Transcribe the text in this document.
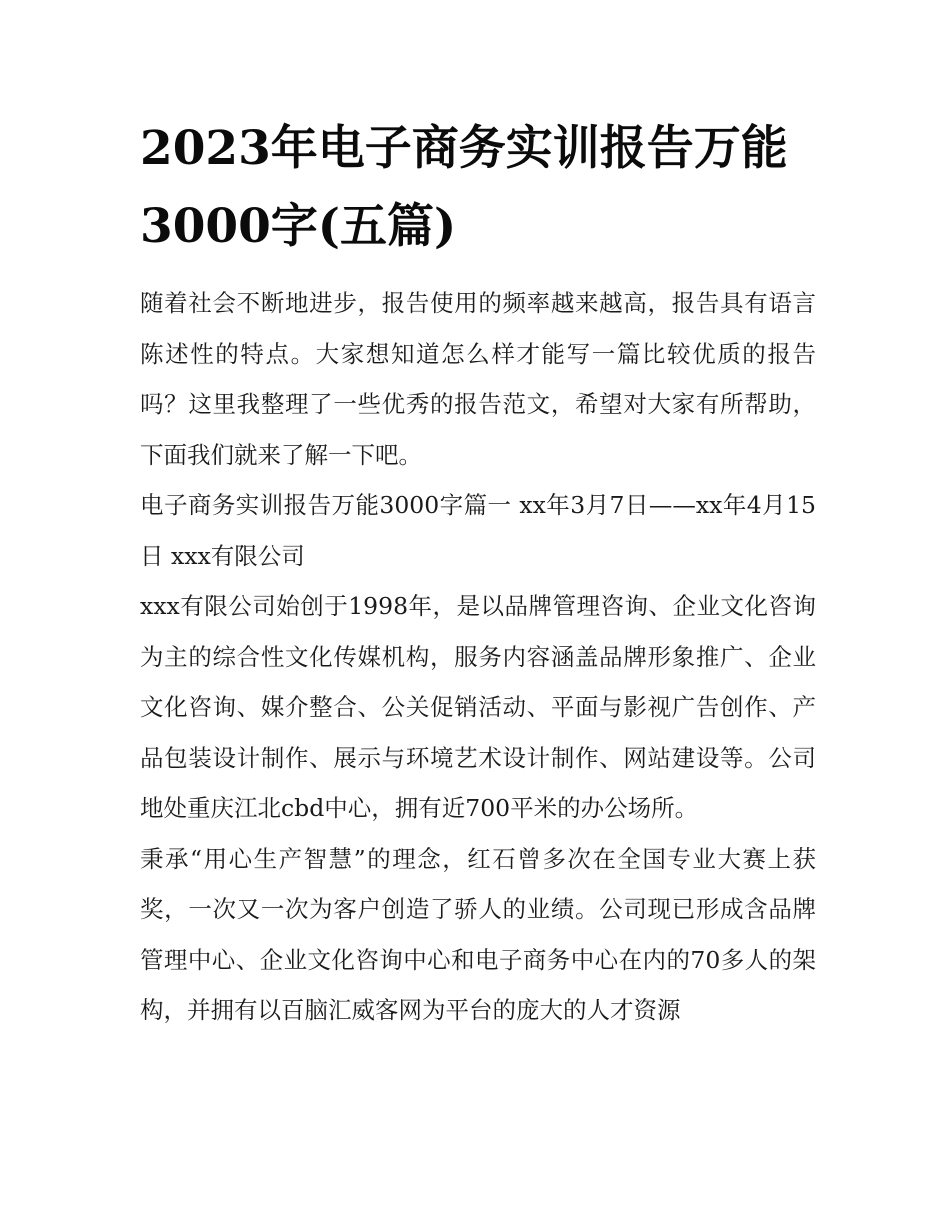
2023年电子商务实训报告万能3000字(五篇)

随着社会不断地进步，报告使用的频率越来越高，报告具有语言陈述性的特点。大家想知道怎么样才能写一篇比较优质的报告吗？这里我整理了一些优秀的报告范文，希望对大家有所帮助，下面我们就来了解一下吧。

电子商务实训报告万能3000字篇一 xx年3月7日——xx年4月15日 xxx有限公司

xxx有限公司始创于1998年，是以品牌管理咨询、企业文化咨询为主的综合性文化传媒机构，服务内容涵盖品牌形象推广、企业文化咨询、媒介整合、公关促销活动、平面与影视广告创作、产品包装设计制作、展示与环境艺术设计制作、网站建设等。公司地处重庆江北cbd中心，拥有近700平米的办公场所。

秉承“用心生产智慧”的理念，红石曾多次在全国专业大赛上获奖，一次又一次为客户创造了骄人的业绩。公司现已形成含品牌管理中心、企业文化咨询中心和电子商务中心在内的70多人的架构，并拥有以百脑汇威客网为平台的庞大的人才资源
